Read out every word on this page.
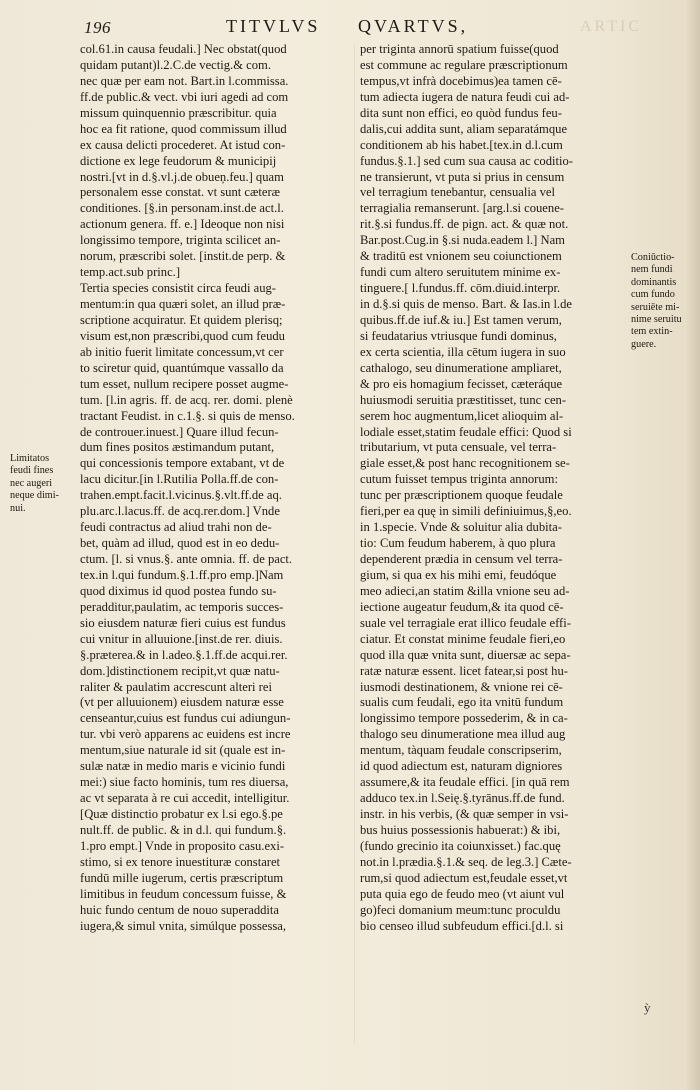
196	TITVLVS QVARTVS,	ARTIC
col.61.in causa feudali.] Nec obstat(quod
quidam putant)l.2.C.de vectig.& com.
nec quæ per eam not. Bart.in l.commissa.
ff.de public.& vect. vbi iuri agedi ad com
missum quinquennio præscribitur. quia
hoc ea fit ratione, quod commissum illud
ex causa delicti procederet. At istud con-
dictione ex lege feudorum & municipij
nostri.[vt in d.§.vl.j.de obueņ.feu.] quam
personalem esse constat. vt sunt cæteræ
conditiones. [§.in personam.inst.de act.l.
actionum genera. ff. e.] Ideoque non nisi
longissimo tempore, triginta scilicet an-
norum, præscribi solet. [instit.de perp. &
temp.act.sub princ.]
Tertia species consistit circa feudi aug-
mentum:in qua quæri solet, an illud præ-
scriptione acquiratur. Et quidem plerisq;
visum est,non præscribi,quod cum feudu
ab initio fuerit limitate concessum,vt cer
to sciretur quid, quantúmque vassallo da
tum esset, nullum recipere posset augme-
tum. [l.in agris. ff. de acq. rer. domi. plenè
tractant Feudist. in c.1.§. si quis de menso.
de controuer.inuest.] Quare illud fecun-
dum fines positos æstimandum putant,
qui concessionis tempore extabant, vt de
lacu dicitur.[in l.Rutilia Polla.ff.de con-
trahen.empt.facit.l.vicinus.§.vlt.ff.de aq.
plu.arc.l.lacus.ff. de acq.rer.dom.] Vnde
feudi contractus ad aliud trahi non de-
bet, quàm ad illud, quod est in eo dedu-
ctum. [l. si vnus.§. ante omnia. ff. de pact.
tex.in l.qui fundum.§.1.ff.pro emp.]Nam
quod diximus id quod postea fundo su-
peradditur,paulatim, ac temporis succes-
sio eiusdem naturæ fieri cuius est fundus
cui vnitur in alluuione.[inst.de rer. diuis.
§.præterea.& in l.adeo.§.1.ff.de acqui.rer.
dom.]distinctionem recipit,vt quæ natu-
raliter & paulatim accrescunt alteri rei
(vt per alluuionem) eiusdem naturæ esse
censeantur,cuius est fundus cui adiungun-
tur. vbi verò apparens ac euidens est incre
mentum,siue naturale id sit (quale est in-
sulæ natæ in medio maris e vicinio fundi
mei:) siue facto hominis, tum res diuersa,
ac vt separata à re cui accedit, intelligitur.
[Quæ distinctio probatur ex l.si ego.§.pe
nult.ff. de public. & in d.l. qui fundum.§.
1.pro empt.] Vnde in proposito casu.exi-
stimo, si ex tenore inuestituræ constaret
fundū mille iugerum, certis præscriptum
limitibus in feudum concessum fuisse, &
huic fundo centum de nouo superaddita
iugera,& simul vnita, simúlque possessa,
per triginta annorū spatium fuisse(quod
est commune ac regulare præscriptionum
tempus,vt infrà docebimus)ea tamen cē-
tum adiecta iugera de natura feudi cui ad-
dita sunt non effici, eo quòd fundus feu-
dalis,cui addita sunt, aliam separatámque
conditionem ab his habet.[tex.in d.l.cum
fundus.§.1.] sed cum sua causa ac coditio-
ne transierunt, vt puta si prius in censum
vel terragium tenebantur, censualia vel
terragialia remanserunt. [arg.l.si couene-
rit.§.si fundus.ff. de pign. act. & quæ not.
Bar.post.Cug.in §.si nuda.eadem l.] Nam
& traditū est vnionem seu coiunctionem
fundi cum altero seruitutem minime ex-
tinguere.[ l.fundus.ff. cōm.diuid.interpr.
in d.§.si quis de menso. Bart. & Ias.in l.de
quibus.ff.de iuf.& iu.] Est tamen verum,
si feudatarius vtriusque fundi dominus,
ex certa scientia, illa cētum iugera in suo
cathalogo, seu dinumeratione ampliaret,
& pro eis homagium fecisset, cæteráque
huiusmodi seruitia præstitisset, tunc cen-
serem hoc augmentum,licet alioquim al-
lodiale esset,statim feudale effici: Quod si
tributarium, vt puta censuale, vel terra-
giale esset,& post hanc recognitionem se-
cutum fuisset tempus triginta annorum:
tunc per præscriptionem quoque feudale
fieri,per ea quę in simili definiuimus,§,eo.
in 1.specie. Vnde & soluitur alia dubita-
tio: Cum feudum haberem, à quo plura
dependerent prædia in censum vel terra-
gium, si qua ex his mihi emi, feudóque
meo adieci,an statim &illa vnione seu ad-
iectione augeatur feudum,& ita quod cē-
suale vel terragiale erat illico feudale effi-
ciatur. Et constat minime feudale fieri,eo
quod illa quæ vnita sunt, diuersæ ac sepa-
ratæ naturæ essent. licet fatear,si post hu-
iusmodi destinationem, & vnione rei cē-
sualis cum feudali, ego ita vnitū fundum
longissimo tempore possederim, & in ca-
thalogo seu dinumeratione mea illud aug
mentum, tàquam feudale conscripserim,
id quod adiectum est, naturam digniores
assumere,& ita feudale effici. [in quā rem
adduco tex.in l.Seię.§.tyrānus.ff.de fund.
instr. in his verbis, (& quæ semper in vsi-
bus huius possessionis habuerat:) & ibi,
(fundo grecinio ita coiunxisset.) fac.quę
not.in l.prædia.§.1.& seq. de leg.3.] Cæte-
rum,si quod adiectum est,feudale esset,vt
puta quia ego de feudo meo (vt aiunt vul
go)feci domanium meum:tunc proculdu
bio censeo illud subfeudum effici.[d.l. si
Limitatos
feudi fines
nec augeri
neque dimi-
nui.
Coniūctio-
nem fundi
dominantis
cum fundo
seruiēte mi-
nime seruitu
tem extin-
guere.
ỳ
